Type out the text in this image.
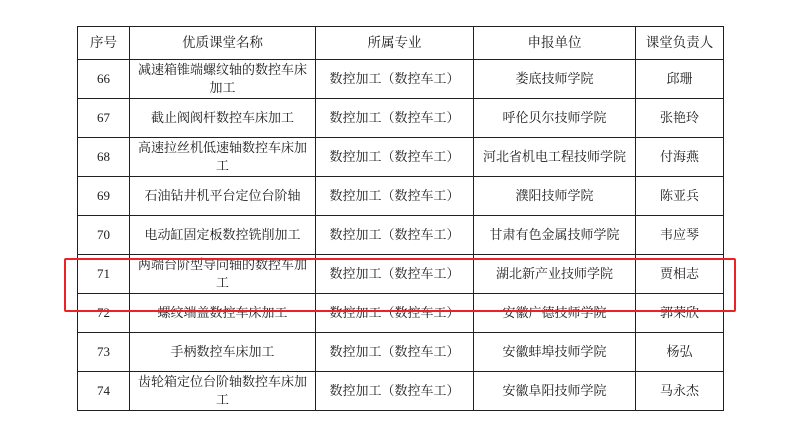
序号	优质课堂名称	所属专业	申报单位	课堂负责人
66	减速箱锥端螺纹轴的数控车床加工	数控加工（数控车工）	娄底技师学院	邱珊
67	截止阀阀杆数控车床加工	数控加工（数控车工）	呼伦贝尔技师学院	张艳玲
68	高速拉丝机低速轴数控车床加工	数控加工（数控车工）	河北省机电工程技师学院	付海燕
69	石油钻井机平台定位台阶轴	数控加工（数控车工）	濮阳技师学院	陈亚兵
70	电动缸固定板数控铣削加工	数控加工（数控车工）	甘肃有色金属技师学院	韦应琴
71	两端台阶型导向轴的数控车加工	数控加工（数控车工）	湖北新产业技师学院	贾相志
72	螺纹端盖数控车床加工	数控加工（数控车工）	安徽广德技师学院	郭荣欣
73	手柄数控车床加工	数控加工（数控车工）	安徽蚌埠技师学院	杨弘
74	齿轮箱定位台阶轴数控车床加工	数控加工（数控车工）	安徽阜阳技师学院	马永杰
